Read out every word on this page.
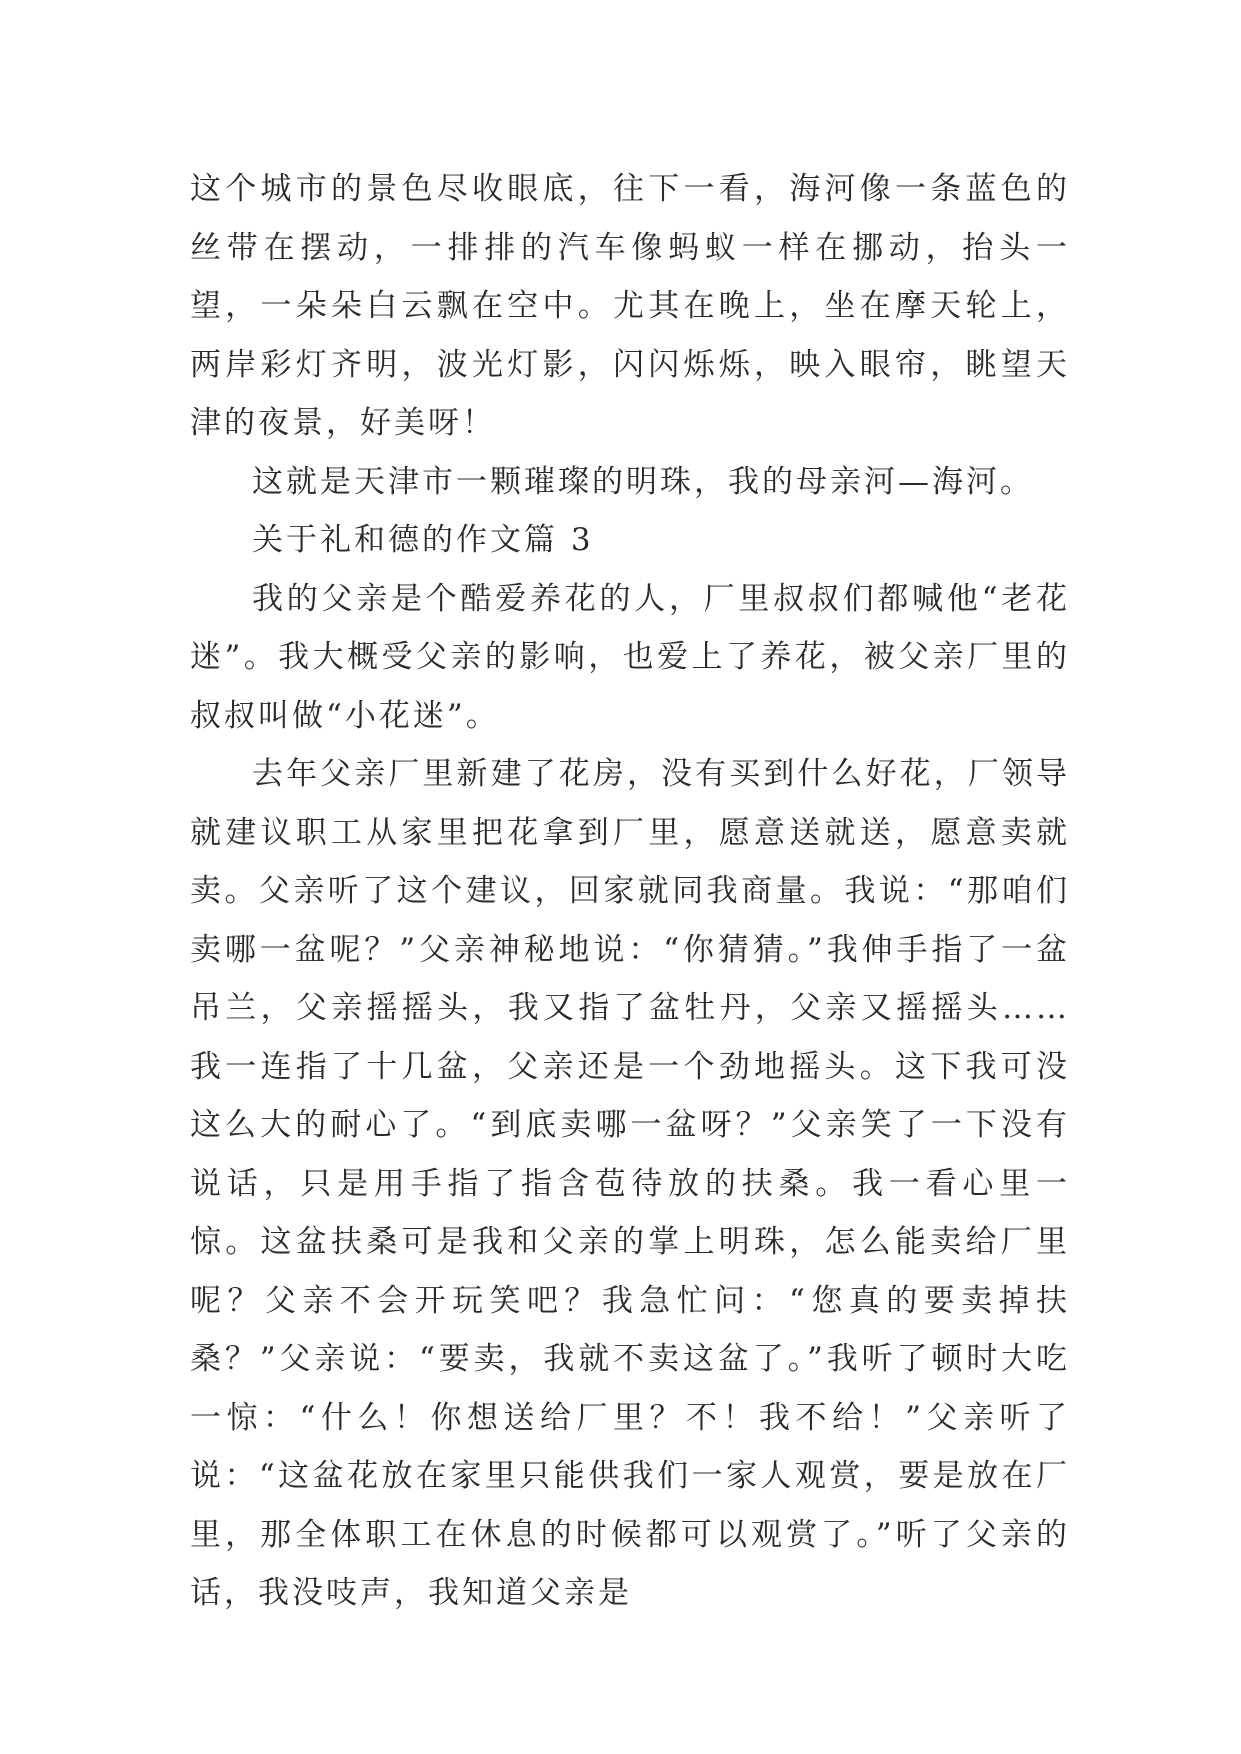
这个城市的景色尽收眼底，往下一看，海河像一条蓝色的丝带在摆动，一排排的汽车像蚂蚁一样在挪动，抬头一望，一朵朵白云飘在空中。尤其在晚上，坐在摩天轮上，两岸彩灯齐明，波光灯影，闪闪烁烁，映入眼帘，眺望天津的夜景，好美呀！

这就是天津市一颗璀璨的明珠，我的母亲河—海河。

关于礼和德的作文篇 3

我的父亲是个酷爱养花的人，厂里叔叔们都喊他“老花迷”。我大概受父亲的影响，也爱上了养花，被父亲厂里的叔叔叫做“小花迷”。

去年父亲厂里新建了花房，没有买到什么好花，厂领导就建议职工从家里把花拿到厂里，愿意送就送，愿意卖就卖。父亲听了这个建议，回家就同我商量。我说：“那咱们卖哪一盆呢？”父亲神秘地说：“你猜猜。”我伸手指了一盆吊兰，父亲摇摇头，我又指了盆牡丹，父亲又摇摇头……我一连指了十几盆，父亲还是一个劲地摇头。这下我可没这么大的耐心了。“到底卖哪一盆呀？”父亲笑了一下没有说话，只是用手指了指含苞待放的扶桑。我一看心里一惊。这盆扶桑可是我和父亲的掌上明珠，怎么能卖给厂里呢？父亲不会开玩笑吧？我急忙问：“您真的要卖掉扶桑？”父亲说：“要卖，我就不卖这盆了。”我听了顿时大吃一惊：“什么！你想送给厂里？不！我不给！”父亲听了说：“这盆花放在家里只能供我们一家人观赏，要是放在厂里，那全体职工在休息的时候都可以观赏了。”听了父亲的话，我没吱声，我知道父亲是
